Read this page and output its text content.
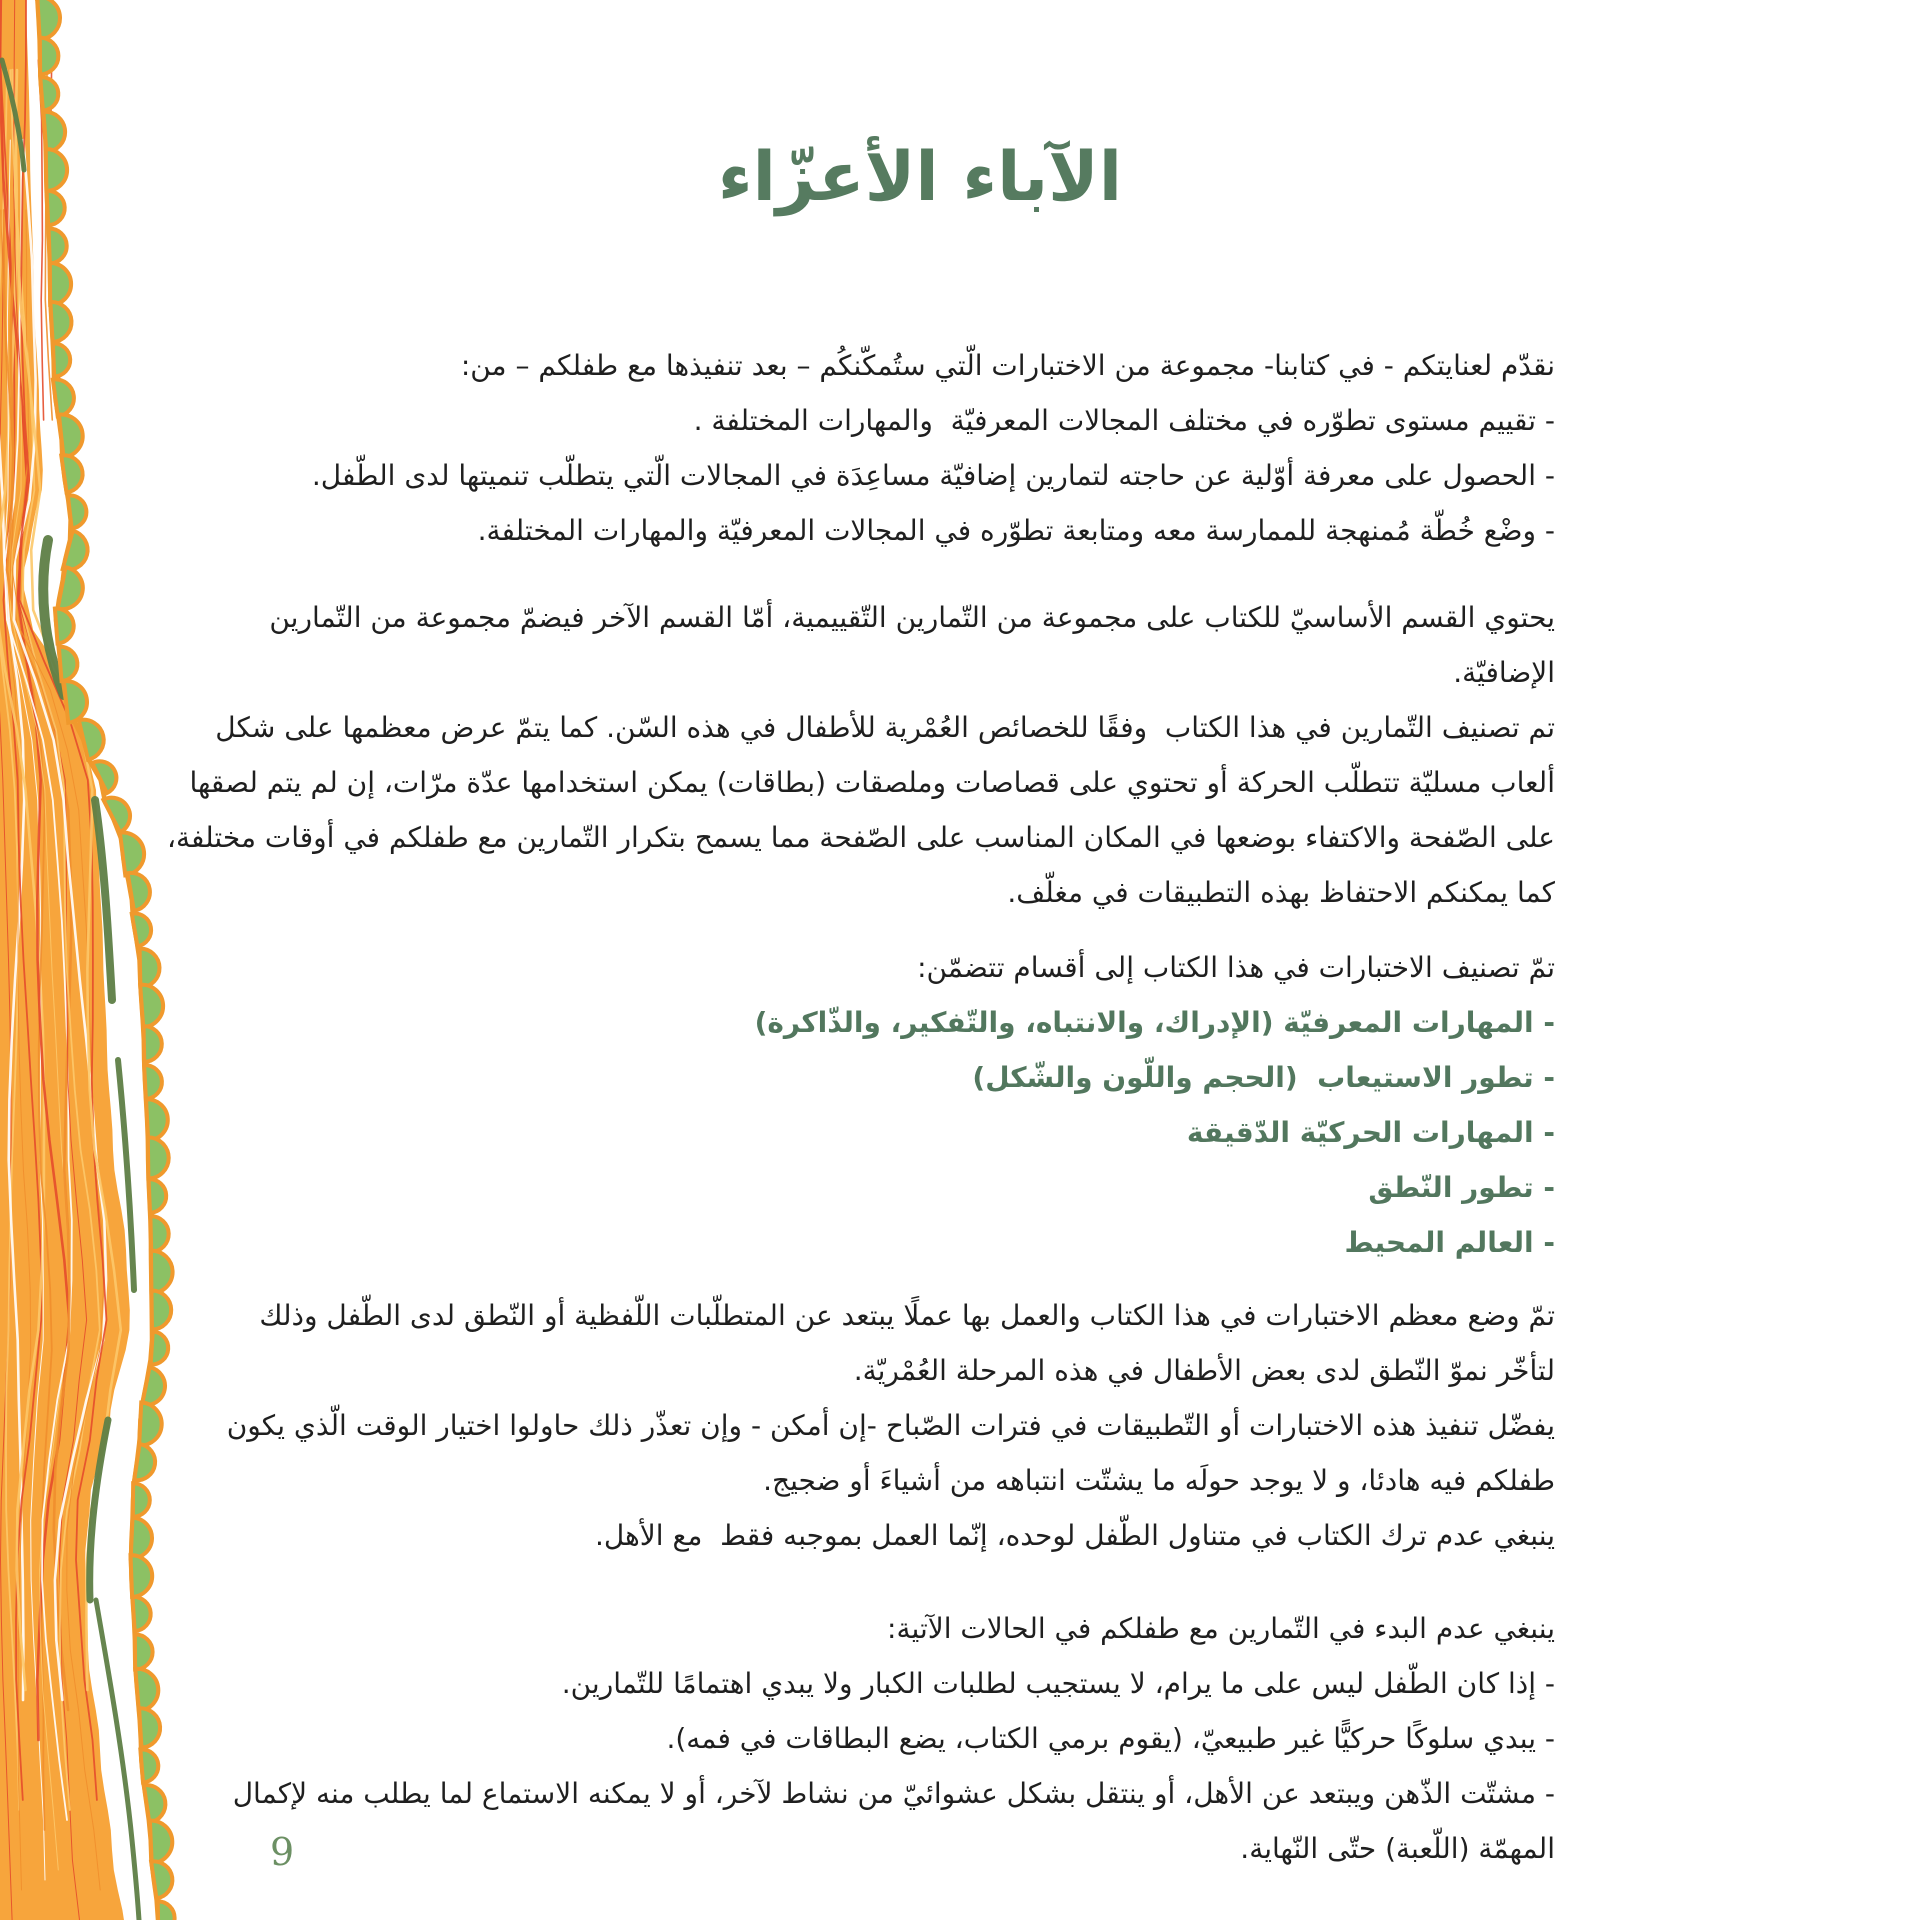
الآباء الأعزّاء
نقدّم لعنايتكم - في كتابنا- مجموعة من الاختبارات الّتي ستُمكّنكُم – بعد تنفيذها مع طفلكم – من:
- تقييم مستوى تطوّره في مختلف المجالات المعرفيّة  والمهارات المختلفة .
- الحصول على معرفة أوّلية عن حاجته لتمارين إضافيّة مساعِدَة في المجالات الّتي يتطلّب تنميتها لدى الطّفل.
- وضْع خُطّة مُمنهجة للممارسة معه ومتابعة تطوّره في المجالات المعرفيّة والمهارات المختلفة.
يحتوي القسم الأساسيّ للكتاب على مجموعة من التّمارين التّقييمية، أمّا القسم الآخر فيضمّ مجموعة من التّمارين
الإضافيّة.
تم تصنيف التّمارين في هذا الكتاب  وفقًا للخصائص العُمْرية للأطفال في هذه السّن. كما يتمّ عرض معظمها على شكل
ألعاب مسليّة تتطلّب الحركة أو تحتوي على قصاصات وملصقات (بطاقات) يمكن استخدامها عدّة مرّات، إن لم يتم لصقها
على الصّفحة والاكتفاء بوضعها في المكان المناسب على الصّفحة مما يسمح بتكرار التّمارين مع طفلكم في أوقات مختلفة،
كما يمكنكم الاحتفاظ بهذه التطبيقات في مغلّف.
تمّ تصنيف الاختبارات في هذا الكتاب إلى أقسام تتضمّن:
- المهارات المعرفيّة (الإدراك، والانتباه، والتّفكير، والذّاكرة)
- تطور الاستيعاب  (الحجم واللّون والشّكل)
- المهارات الحركيّة الدّقيقة
- تطور النّطق
- العالم المحيط
تمّ وضع معظم الاختبارات في هذا الكتاب والعمل بها عملًا يبتعد عن المتطلّبات اللّفظية أو النّطق لدى الطّفل وذلك
لتأخّر نموّ النّطق لدى بعض الأطفال في هذه المرحلة العُمْريّة.
يفضّل تنفيذ هذه الاختبارات أو التّطبيقات في فترات الصّباح -إن أمكن - وإن تعذّر ذلك حاولوا اختيار الوقت الّذي يكون
طفلكم فيه هادئا، و لا يوجد حولَه ما يشتّت انتباهه من أشياءَ أو ضجيج.
ينبغي عدم ترك الكتاب في متناول الطّفل لوحده، إنّما العمل بموجبه فقط  مع الأهل.
ينبغي عدم البدء في التّمارين مع طفلكم في الحالات الآتية:
- إذا كان الطّفل ليس على ما يرام، لا يستجيب لطلبات الكبار ولا يبدي اهتمامًا للتّمارين.
- يبدي سلوكًا حركيًّا غير طبيعيّ، (يقوم برمي الكتاب، يضع البطاقات في فمه).
- مشتّت الذّهن ويبتعد عن الأهل، أو ينتقل بشكل عشوائيّ من نشاط لآخر، أو لا يمكنه الاستماع لما يطلب منه لإكمال
المهمّة (اللّعبة) حتّى النّهاية.
9
